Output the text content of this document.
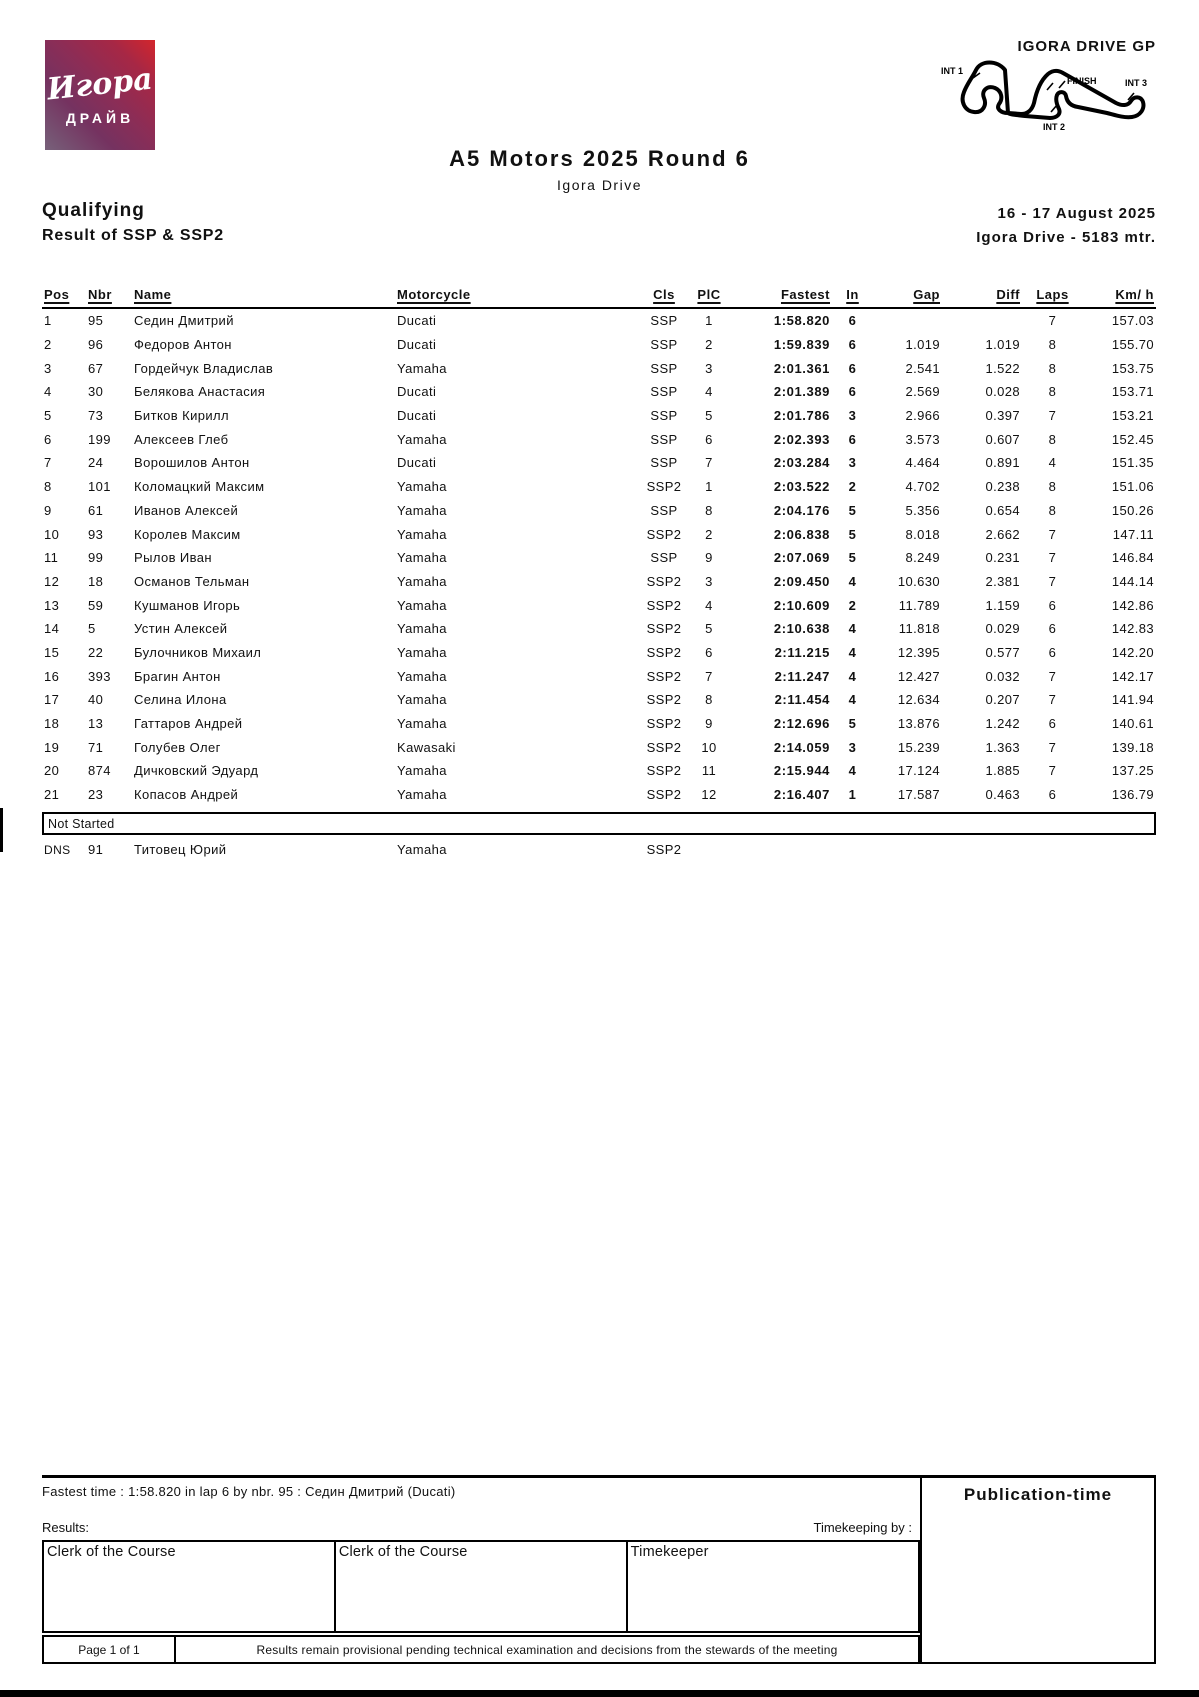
Игора
ДРАЙВ
IGORA DRIVE GP
INT 1
FINISH
INT 2
INT 3
A5 Motors 2025 Round 6
Igora Drive
Qualifying
Result of SSP & SSP2
16 - 17 August 2025
Igora Drive - 5183 mtr.
Pos	Nbr	Name	Motorcycle	Cls	PlC	Fastest	In	Gap	Diff	Laps	Km/ h
1	95	Седин Дмитрий	Ducati	SSP	1	1:58.820	6			7	157.03
2	96	Федоров Антон	Ducati	SSP	2	1:59.839	6	1.019	1.019	8	155.70
3	67	Гордейчук Владислав	Yamaha	SSP	3	2:01.361	6	2.541	1.522	8	153.75
4	30	Белякова Анастасия	Ducati	SSP	4	2:01.389	6	2.569	0.028	8	153.71
5	73	Битков Кирилл	Ducati	SSP	5	2:01.786	3	2.966	0.397	7	153.21
6	199	Алексеев Глеб	Yamaha	SSP	6	2:02.393	6	3.573	0.607	8	152.45
7	24	Ворошилов Антон	Ducati	SSP	7	2:03.284	3	4.464	0.891	4	151.35
8	101	Коломацкий Максим	Yamaha	SSP2	1	2:03.522	2	4.702	0.238	8	151.06
9	61	Иванов Алексей	Yamaha	SSP	8	2:04.176	5	5.356	0.654	8	150.26
10	93	Королев Максим	Yamaha	SSP2	2	2:06.838	5	8.018	2.662	7	147.11
11	99	Рылов Иван	Yamaha	SSP	9	2:07.069	5	8.249	0.231	7	146.84
12	18	Османов Тельман	Yamaha	SSP2	3	2:09.450	4	10.630	2.381	7	144.14
13	59	Кушманов Игорь	Yamaha	SSP2	4	2:10.609	2	11.789	1.159	6	142.86
14	5	Устин Алексей	Yamaha	SSP2	5	2:10.638	4	11.818	0.029	6	142.83
15	22	Булочников Михаил	Yamaha	SSP2	6	2:11.215	4	12.395	0.577	6	142.20
16	393	Брагин Антон	Yamaha	SSP2	7	2:11.247	4	12.427	0.032	7	142.17
17	40	Селина Илона	Yamaha	SSP2	8	2:11.454	4	12.634	0.207	7	141.94
18	13	Гаттаров Андрей	Yamaha	SSP2	9	2:12.696	5	13.876	1.242	6	140.61
19	71	Голубев Олег	Kawasaki	SSP2	10	2:14.059	3	15.239	1.363	7	139.18
20	874	Дичковский Эдуард	Yamaha	SSP2	11	2:15.944	4	17.124	1.885	7	137.25
21	23	Копасов Андрей	Yamaha	SSP2	12	2:16.407	1	17.587	0.463	6	136.79
Not Started
DNS	91	Титовец Юрий	Yamaha	SSP2
Fastest time : 1:58.820 in lap 6 by nbr. 95 : Седин Дмитрий (Ducati)
Results:	Timekeeping by :
Clerk of the Course	Clerk of the Course	Timekeeper
Page 1 of 1	Results remain provisional pending technical examination and decisions from the stewards of the meeting
Publication-time
